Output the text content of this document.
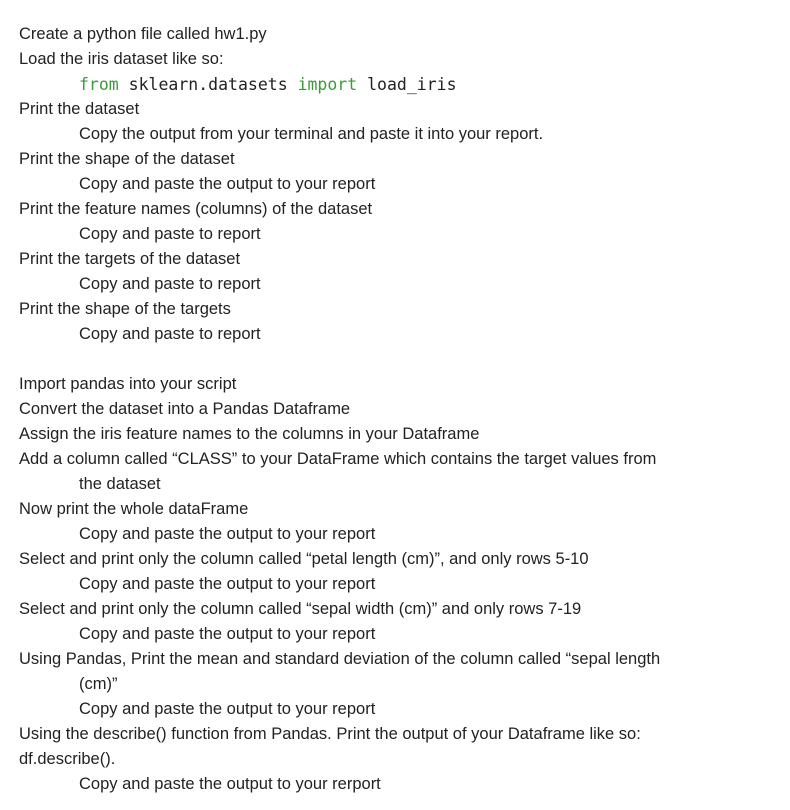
Create a python file called hw1.py
Load the iris dataset like so:
from sklearn.datasets import load_iris
Print the dataset
Copy the output from your terminal and paste it into your report.
Print the shape of the dataset
Copy and paste the output to your report
Print the feature names (columns) of the dataset
Copy and paste to report
Print the targets of the dataset
Copy and paste to report
Print the shape of the targets
Copy and paste to report
Import pandas into your script
Convert the dataset into a Pandas Dataframe
Assign the iris feature names to the columns in your Dataframe
Add a column called “CLASS” to your DataFrame which contains the target values from
the dataset
Now print the whole dataFrame
Copy and paste the output to your report
Select and print only the column called “petal length (cm)”, and only rows 5-10
Copy and paste the output to your report
Select and print only the column called “sepal width (cm)” and only rows 7-19
Copy and paste the output to your report
Using Pandas, Print the mean and standard deviation of the column called “sepal length
(cm)”
Copy and paste the output to your report
Using the describe() function from Pandas. Print the output of your Dataframe like so:
df.describe().
Copy and paste the output to your rerport
